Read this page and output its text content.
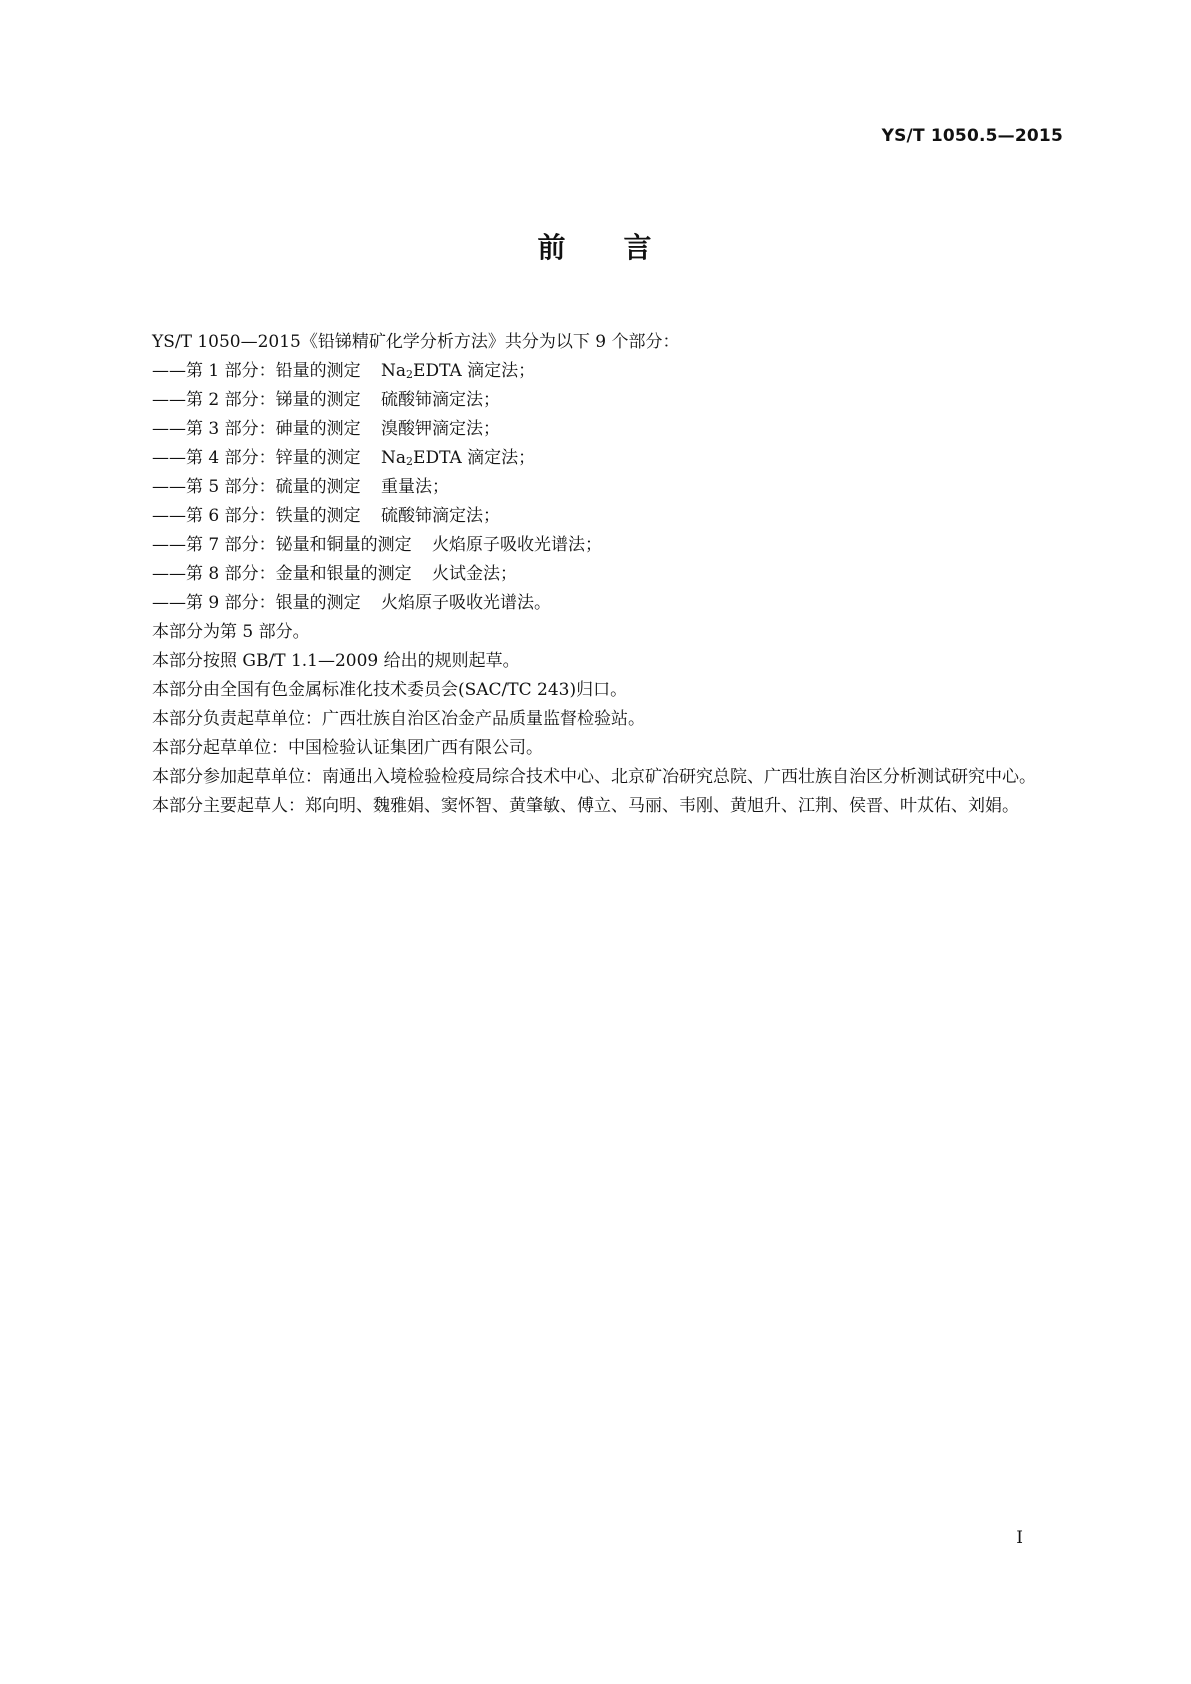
YS/T 1050.5—2015
前 言

YS/T 1050—2015《铅锑精矿化学分析方法》共分为以下 9 个部分：

——第 1 部分：铅量的测定 $Na_2EDTA$ 滴定法；

——第 2 部分：锑量的测定 硫酸铈滴定法；

——第 3 部分：砷量的测定 溴酸钾滴定法；

——第 4 部分：锌量的测定 $Na_2EDTA$ 滴定法；

——第 5 部分：硫量的测定 重量法；

——第 6 部分：铁量的测定 硫酸铈滴定法；

——第 7 部分：铋量和铜量的测定 火焰原子吸收光谱法；

——第 8 部分：金量和银量的测定 火试金法；

——第 9 部分：银量的测定 火焰原子吸收光谱法。

本部分为第 5 部分。

本部分按照 GB/T 1.1—2009 给出的规则起草。

本部分由全国有色金属标准化技术委员会(SAC/TC 243)归口。

本部分负责起草单位：广西壮族自治区冶金产品质量监督检验站。

本部分起草单位：中国检验认证集团广西有限公司。

本部分参加起草单位：南通出入境检验检疫局综合技术中心、北京矿冶研究总院、广西壮族自治区分析测试研究中心。

本部分主要起草人：郑向明、魏雅娟、窦怀智、黄肇敏、傅立、马丽、韦刚、黄旭升、江荆、侯晋、叶苁佑、刘娟。

I
